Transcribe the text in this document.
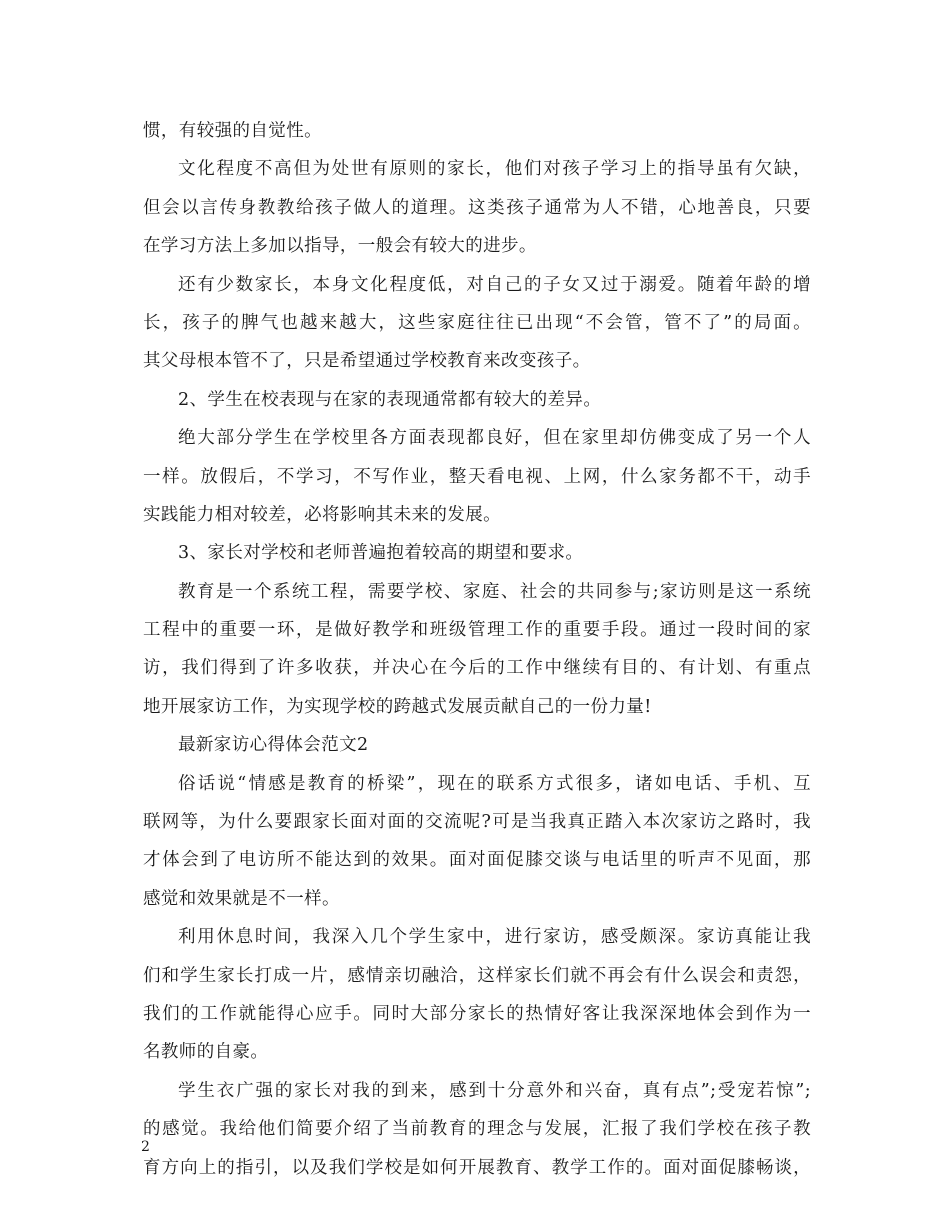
惯，有较强的自觉性。
文化程度不高但为处世有原则的家长，他们对孩子学习上的指导虽有欠缺，
但会以言传身教教给孩子做人的道理。这类孩子通常为人不错，心地善良，只要
在学习方法上多加以指导，一般会有较大的进步。
还有少数家长，本身文化程度低，对自己的子女又过于溺爱。随着年龄的增
长，孩子的脾气也越来越大，这些家庭往往已出现“不会管，管不了”的局面。
其父母根本管不了，只是希望通过学校教育来改变孩子。
2、学生在校表现与在家的表现通常都有较大的差异。
绝大部分学生在学校里各方面表现都良好，但在家里却仿佛变成了另一个人
一样。放假后，不学习，不写作业，整天看电视、上网，什么家务都不干，动手
实践能力相对较差，必将影响其未来的发展。
3、家长对学校和老师普遍抱着较高的期望和要求。
教育是一个系统工程，需要学校、家庭、社会的共同参与;家访则是这一系统
工程中的重要一环，是做好教学和班级管理工作的重要手段。通过一段时间的家
访，我们得到了许多收获，并决心在今后的工作中继续有目的、有计划、有重点
地开展家访工作，为实现学校的跨越式发展贡献自己的一份力量!
最新家访心得体会范文2
俗话说“情感是教育的桥梁”，现在的联系方式很多，诸如电话、手机、互
联网等，为什么要跟家长面对面的交流呢?可是当我真正踏入本次家访之路时，我
才体会到了电访所不能达到的效果。面对面促膝交谈与电话里的听声不见面，那
感觉和效果就是不一样。
利用休息时间，我深入几个学生家中，进行家访，感受颇深。家访真能让我
们和学生家长打成一片，感情亲切融洽，这样家长们就不再会有什么误会和责怨，
我们的工作就能得心应手。同时大部分家长的热情好客让我深深地体会到作为一
名教师的自豪。
学生衣广强的家长对我的到来，感到十分意外和兴奋，真有点”;受宠若惊”;
的感觉。我给他们简要介绍了当前教育的理念与发展，汇报了我们学校在孩子教
育方向上的指引，以及我们学校是如何开展教育、教学工作的。面对面促膝畅谈，
2
